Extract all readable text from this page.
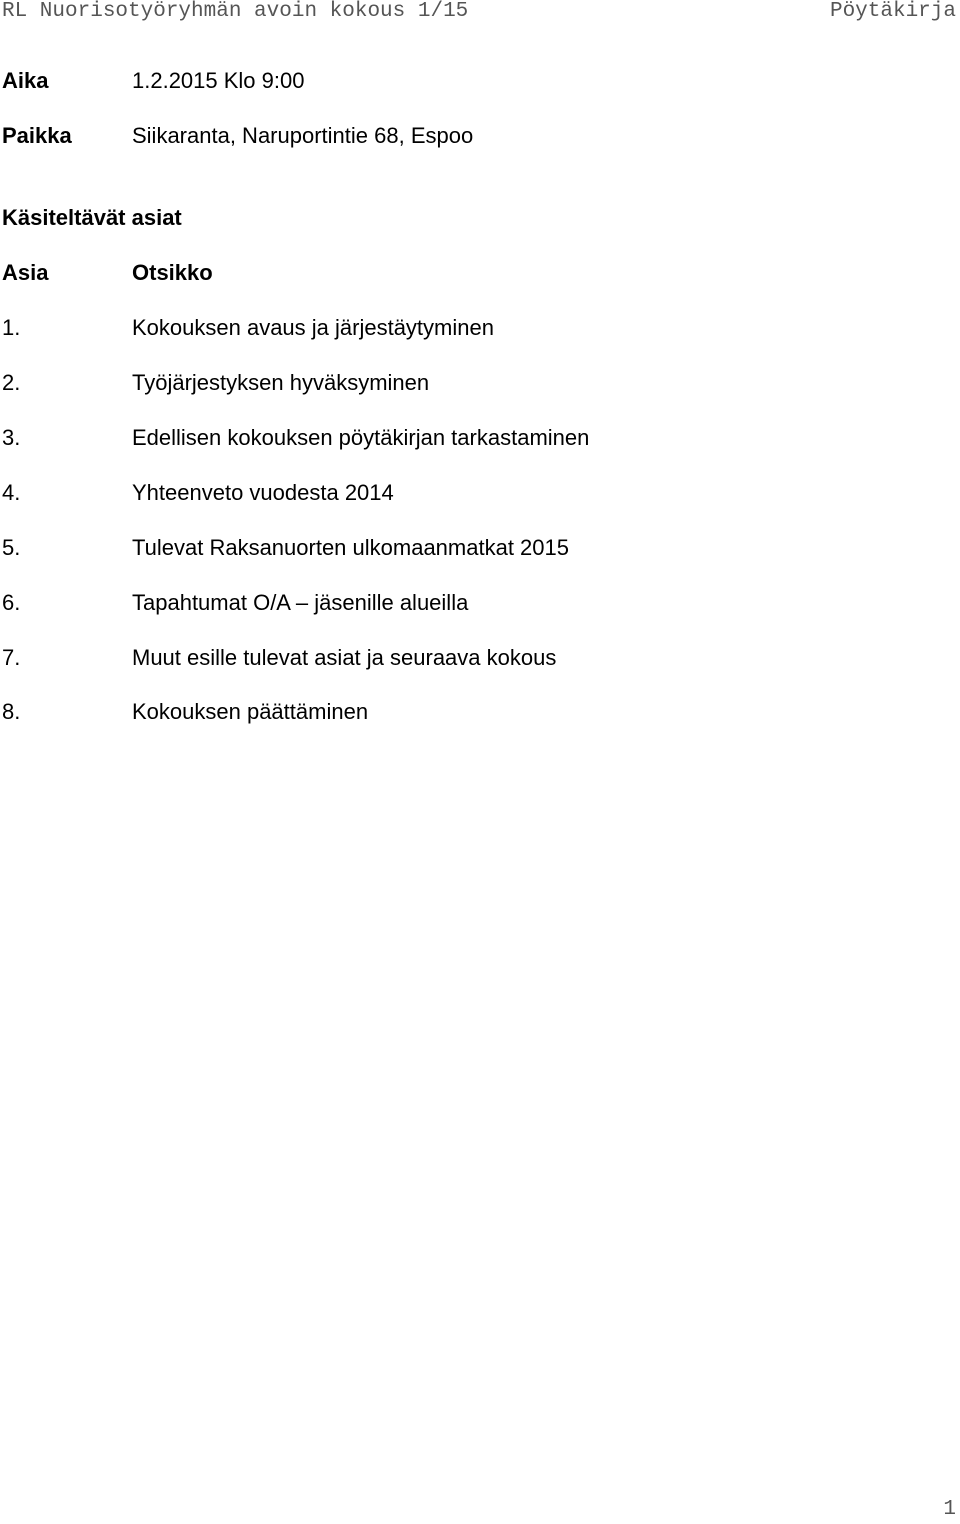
RL Nuorisotyöryhmän avoin kokous 1/15	Pöytäkirja
Aika	1.2.2015 Klo 9:00
Paikka	Siikaranta, Naruportintie 68, Espoo
Käsiteltävät asiat
Asia	Otsikko
1.	Kokouksen avaus ja järjestäytyminen
2.	Työjärjestyksen hyväksyminen
3.	Edellisen kokouksen pöytäkirjan tarkastaminen
4.	Yhteenveto vuodesta 2014
5.	Tulevat Raksanuorten ulkomaanmatkat 2015
6.	Tapahtumat O/A – jäsenille alueilla
7.	Muut esille tulevat asiat ja seuraava kokous
8.	Kokouksen päättäminen
1
